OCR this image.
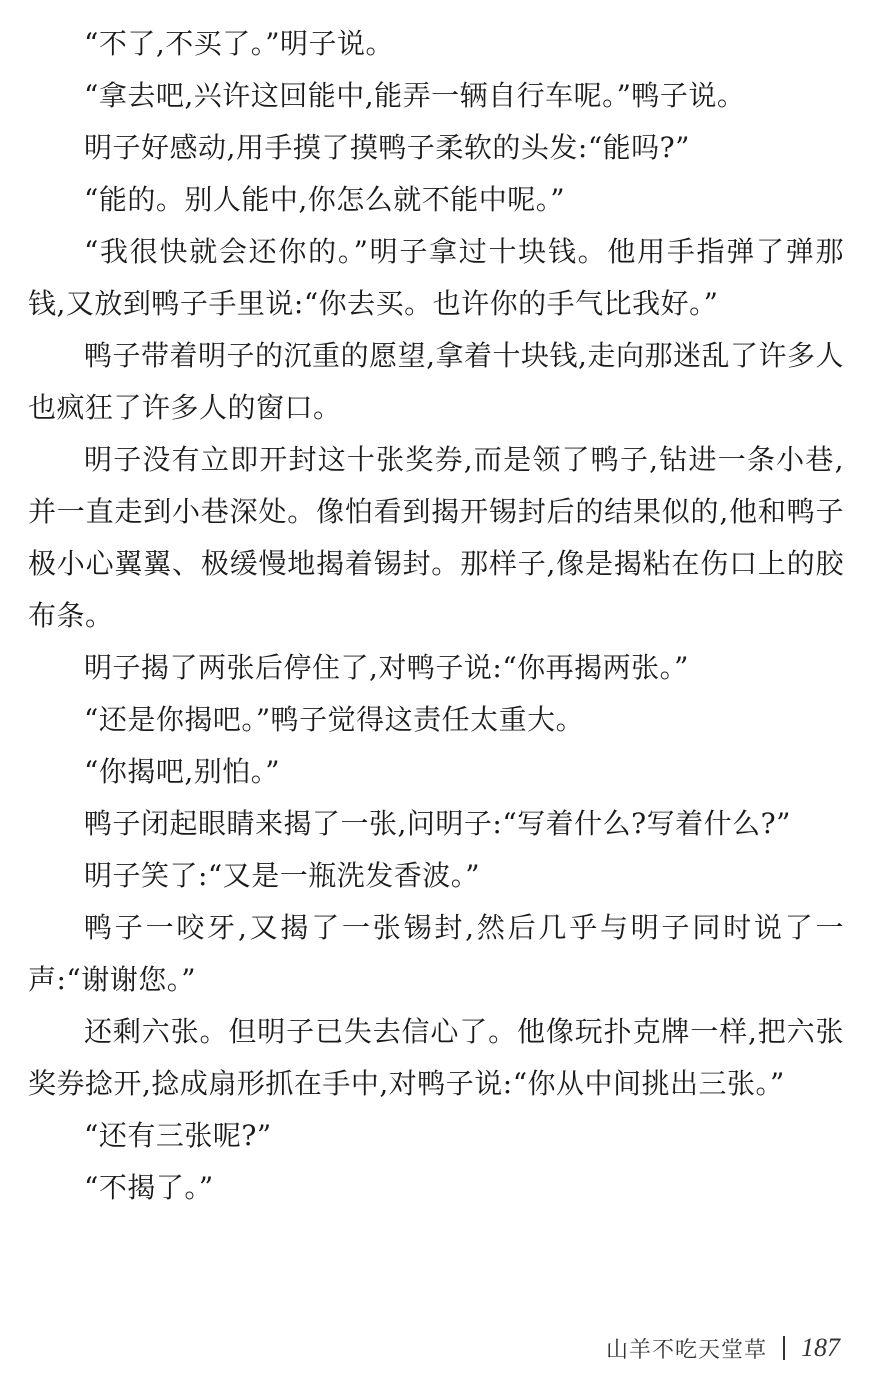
“不了,不买了。”明子说。

“拿去吧,兴许这回能中,能弄一辆自行车呢。”鸭子说。

明子好感动,用手摸了摸鸭子柔软的头发:“能吗?”

“能的。别人能中,你怎么就不能中呢。”

“我很快就会还你的。”明子拿过十块钱。他用手指弹了弹那钱,又放到鸭子手里说:“你去买。也许你的手气比我好。”

鸭子带着明子的沉重的愿望,拿着十块钱,走向那迷乱了许多人也疯狂了许多人的窗口。

明子没有立即开封这十张奖券,而是领了鸭子,钻进一条小巷,并一直走到小巷深处。像怕看到揭开锡封后的结果似的,他和鸭子极小心翼翼、极缓慢地揭着锡封。那样子,像是揭粘在伤口上的胶布条。

明子揭了两张后停住了,对鸭子说:“你再揭两张。”

“还是你揭吧。”鸭子觉得这责任太重大。

“你揭吧,别怕。”

鸭子闭起眼睛来揭了一张,问明子:“写着什么?写着什么?”

明子笑了:“又是一瓶洗发香波。”

鸭子一咬牙,又揭了一张锡封,然后几乎与明子同时说了一声:“谢谢您。”

还剩六张。但明子已失去信心了。他像玩扑克牌一样,把六张奖券捻开,捻成扇形抓在手中,对鸭子说:“你从中间挑出三张。”

“还有三张呢?”

“不揭了。”

山羊不吃天堂草 187
